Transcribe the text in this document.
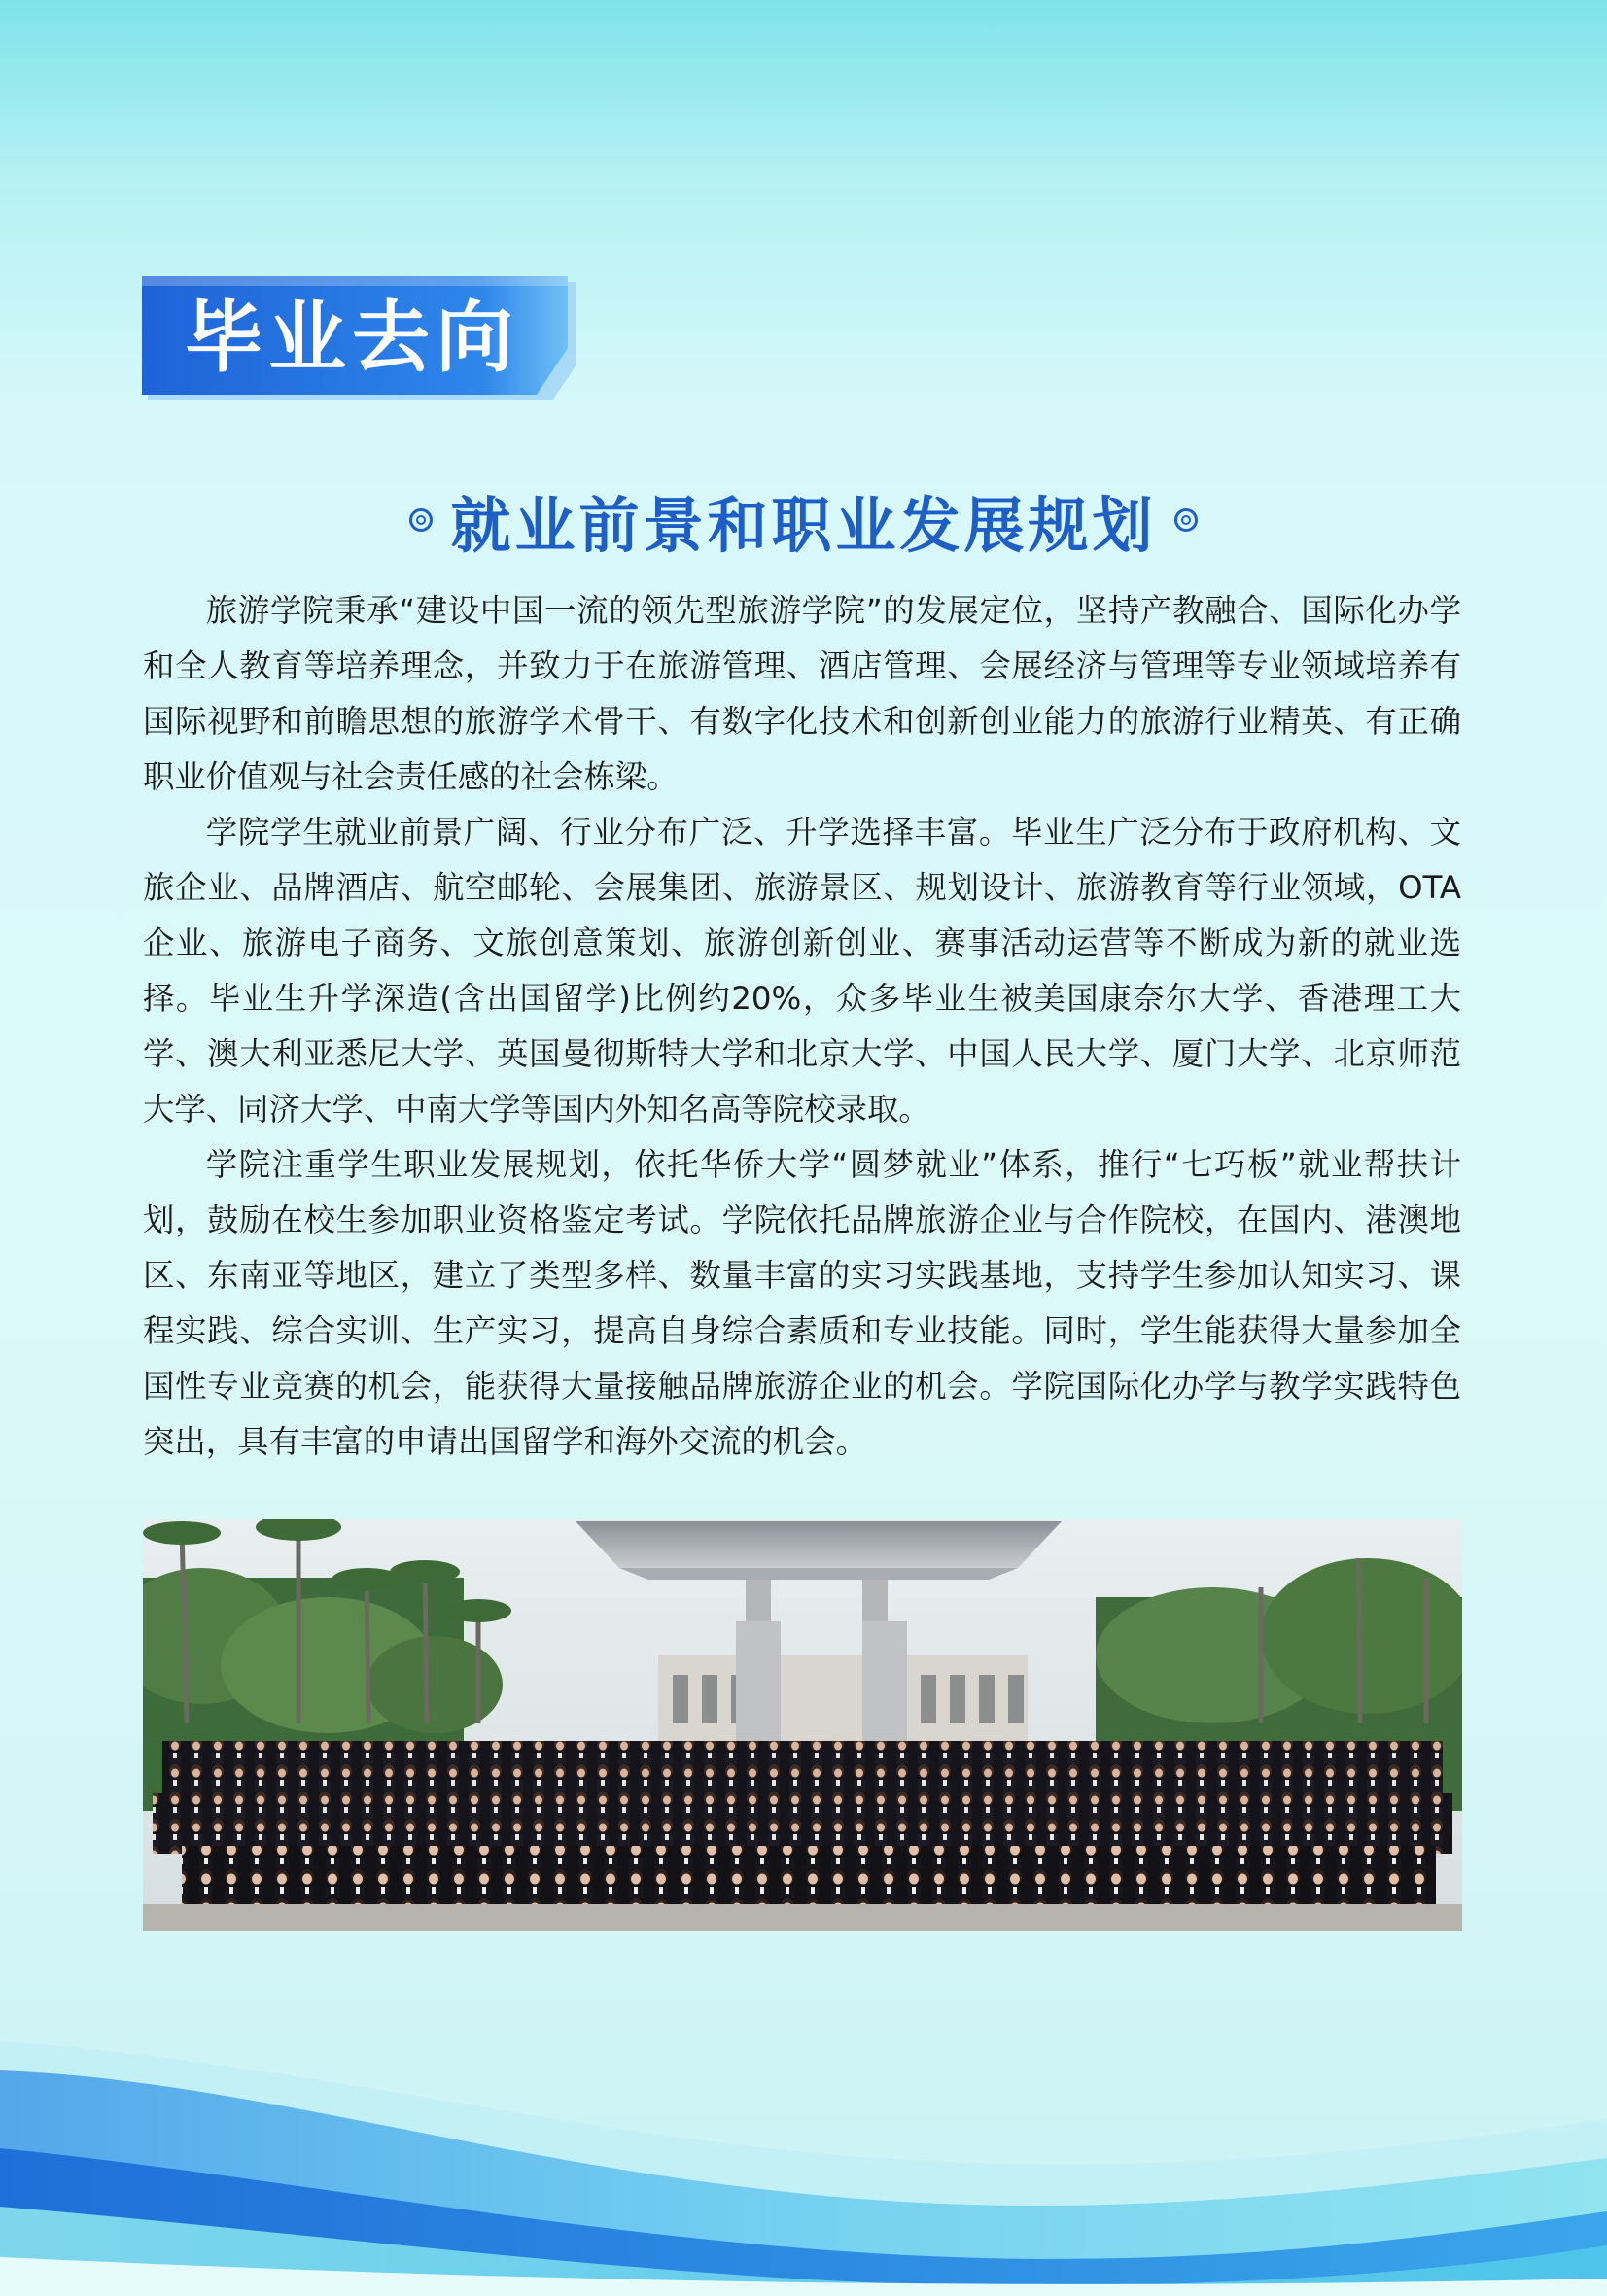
毕业去向
就业前景和职业发展规划

旅游学院秉承“建设中国一流的领先型旅游学院”的发展定位，坚持产教融合、国际化办学和全人教育等培养理念，并致力于在旅游管理、酒店管理、会展经济与管理等专业领域培养有国际视野和前瞻思想的旅游学术骨干、有数字化技术和创新创业能力的旅游行业精英、有正确职业价值观与社会责任感的社会栋梁。

学院学生就业前景广阔、行业分布广泛、升学选择丰富。毕业生广泛分布于政府机构、文旅企业、品牌酒店、航空邮轮、会展集团、旅游景区、规划设计、旅游教育等行业领域，OTA企业、旅游电子商务、文旅创意策划、旅游创新创业、赛事活动运营等不断成为新的就业选择。毕业生升学深造(含出国留学)比例约20%，众多毕业生被美国康奈尔大学、香港理工大学、澳大利亚悉尼大学、英国曼彻斯特大学和北京大学、中国人民大学、厦门大学、北京师范大学、同济大学、中南大学等国内外知名高等院校录取。

学院注重学生职业发展规划，依托华侨大学“圆梦就业”体系，推行“七巧板”就业帮扶计划，鼓励在校生参加职业资格鉴定考试。学院依托品牌旅游企业与合作院校，在国内、港澳地区、东南亚等地区，建立了类型多样、数量丰富的实习实践基地，支持学生参加认知实习、课程实践、综合实训、生产实习，提高自身综合素质和专业技能。同时，学生能获得大量参加全国性专业竞赛的机会，能获得大量接触品牌旅游企业的机会。学院国际化办学与教学实践特色突出，具有丰富的申请出国留学和海外交流的机会。
